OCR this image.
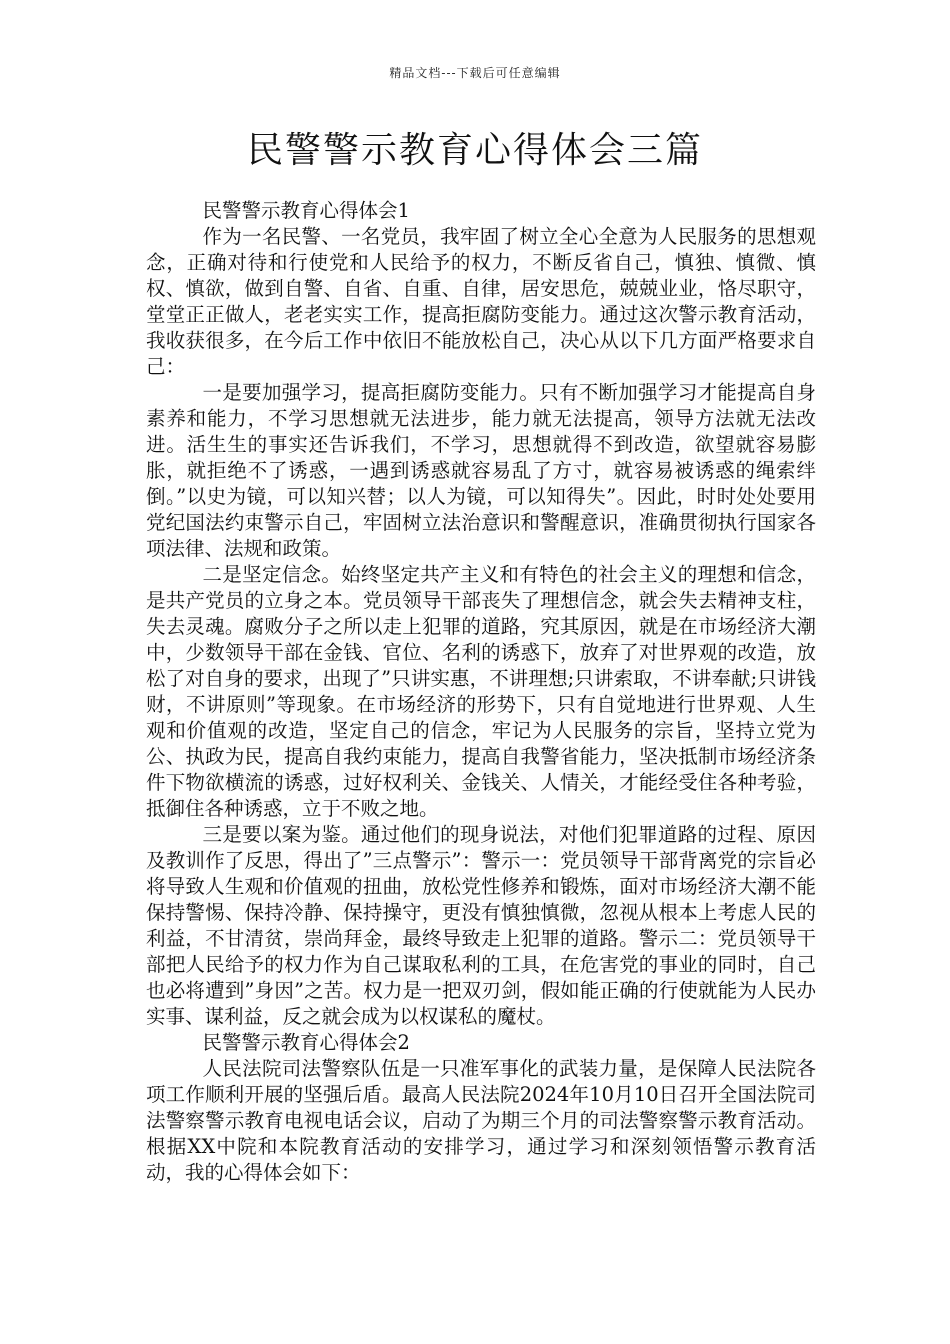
精品文档---下载后可任意编辑
民警警示教育心得体会三篇

民警警示教育心得体会1

作为一名民警、一名党员，我牢固了树立全心全意为人民服务的思想观念，正确对待和行使党和人民给予的权力，不断反省自己，慎独、慎微、慎权、慎欲，做到自警、自省、自重、自律，居安思危，兢兢业业，恪尽职守，堂堂正正做人，老老实实工作，提高拒腐防变能力。通过这次警示教育活动，我收获很多，在今后工作中依旧不能放松自己，决心从以下几方面严格要求自己：

一是要加强学习，提高拒腐防变能力。只有不断加强学习才能提高自身素养和能力，不学习思想就无法进步，能力就无法提高，领导方法就无法改进。活生生的事实还告诉我们，不学习，思想就得不到改造，欲望就容易膨胀，就拒绝不了诱惑，一遇到诱惑就容易乱了方寸，就容易被诱惑的绳索绊倒。”以史为镜，可以知兴替；以人为镜，可以知得失”。因此，时时处处要用党纪国法约束警示自己，牢固树立法治意识和警醒意识，准确贯彻执行国家各项法律、法规和政策。

二是坚定信念。始终坚定共产主义和有特色的社会主义的理想和信念，是共产党员的立身之本。党员领导干部丧失了理想信念，就会失去精神支柱，失去灵魂。腐败分子之所以走上犯罪的道路，究其原因，就是在市场经济大潮中，少数领导干部在金钱、官位、名利的诱惑下，放弃了对世界观的改造，放松了对自身的要求，出现了”只讲实惠，不讲理想;只讲索取，不讲奉献;只讲钱财，不讲原则”等现象。在市场经济的形势下，只有自觉地进行世界观、人生观和价值观的改造，坚定自己的信念，牢记为人民服务的宗旨，坚持立党为公、执政为民，提高自我约束能力，提高自我警省能力，坚决抵制市场经济条件下物欲横流的诱惑，过好权利关、金钱关、人情关，才能经受住各种考验，抵御住各种诱惑，立于不败之地。

三是要以案为鉴。通过他们的现身说法，对他们犯罪道路的过程、原因及教训作了反思，得出了”三点警示”：警示一：党员领导干部背离党的宗旨必将导致人生观和价值观的扭曲，放松党性修养和锻炼，面对市场经济大潮不能保持警惕、保持冷静、保持操守，更没有慎独慎微，忽视从根本上考虑人民的利益，不甘清贫，崇尚拜金，最终导致走上犯罪的道路。警示二：党员领导干部把人民给予的权力作为自己谋取私利的工具，在危害党的事业的同时，自己也必将遭到”身因”之苦。权力是一把双刃剑，假如能正确的行使就能为人民办实事、谋利益，反之就会成为以权谋私的魔杖。

民警警示教育心得体会2

人民法院司法警察队伍是一只准军事化的武装力量，是保障人民法院各项工作顺利开展的坚强后盾。最高人民法院2024年10月10日召开全国法院司法警察警示教育电视电话会议，启动了为期三个月的司法警察警示教育活动。根据XX中院和本院教育活动的安排学习，通过学习和深刻领悟警示教育活动，我的心得体会如下：
